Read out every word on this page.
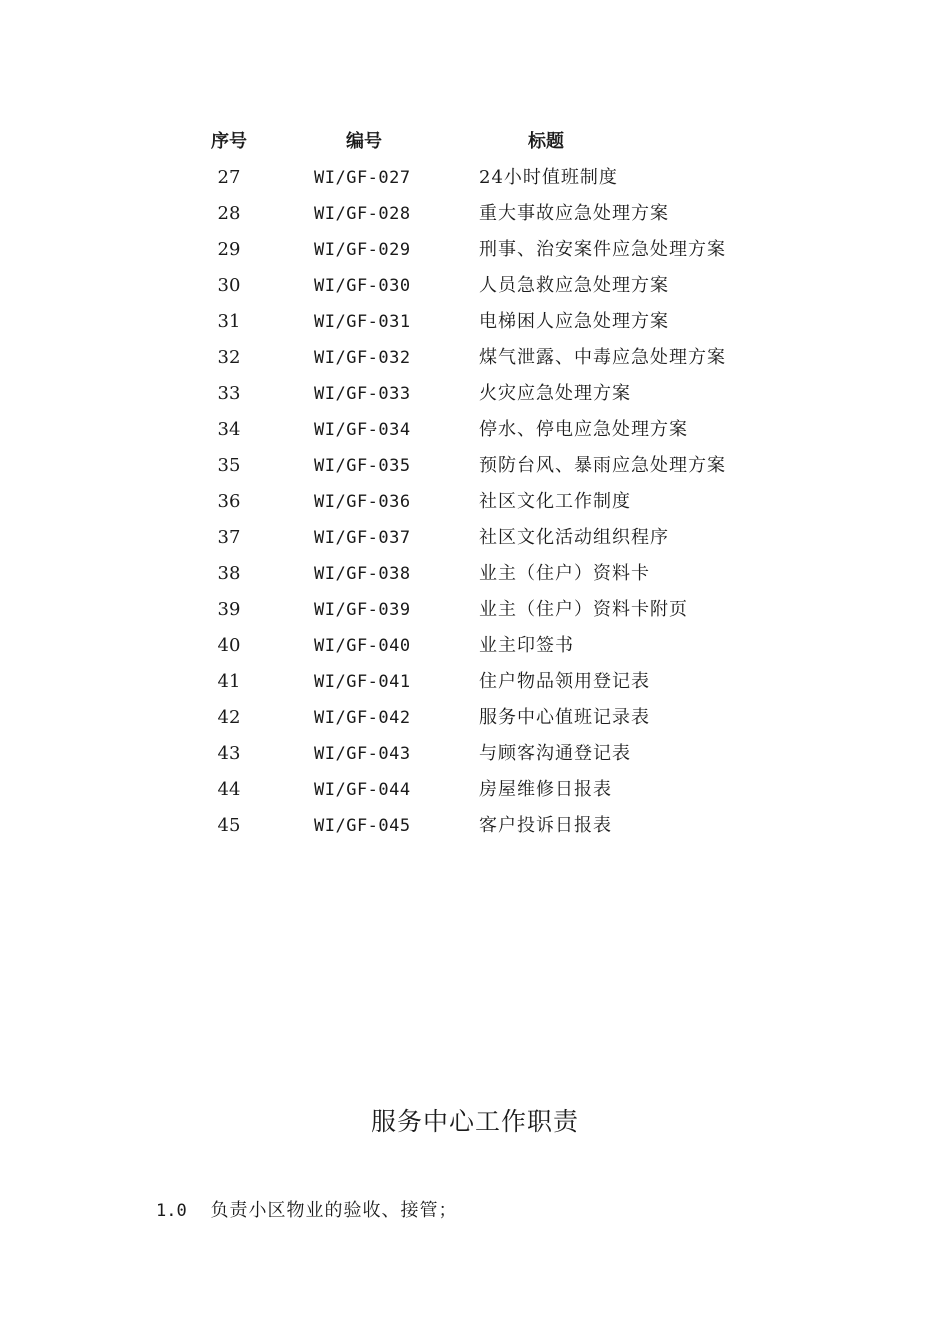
序号	编号	标题
27	WI/GF-027	24小时值班制度
28	WI/GF-028	重大事故应急处理方案
29	WI/GF-029	刑事、治安案件应急处理方案
30	WI/GF-030	人员急救应急处理方案
31	WI/GF-031	电梯困人应急处理方案
32	WI/GF-032	煤气泄露、中毒应急处理方案
33	WI/GF-033	火灾应急处理方案
34	WI/GF-034	停水、停电应急处理方案
35	WI/GF-035	预防台风、暴雨应急处理方案
36	WI/GF-036	社区文化工作制度
37	WI/GF-037	社区文化活动组织程序
38	WI/GF-038	业主（住户）资料卡
39	WI/GF-039	业主（住户）资料卡附页
40	WI/GF-040	业主印签书
41	WI/GF-041	住户物品领用登记表
42	WI/GF-042	服务中心值班记录表
43	WI/GF-043	与顾客沟通登记表
44	WI/GF-044	房屋维修日报表
45	WI/GF-045	客户投诉日报表
服务中心工作职责
1.0 负责小区物业的验收、接管；
